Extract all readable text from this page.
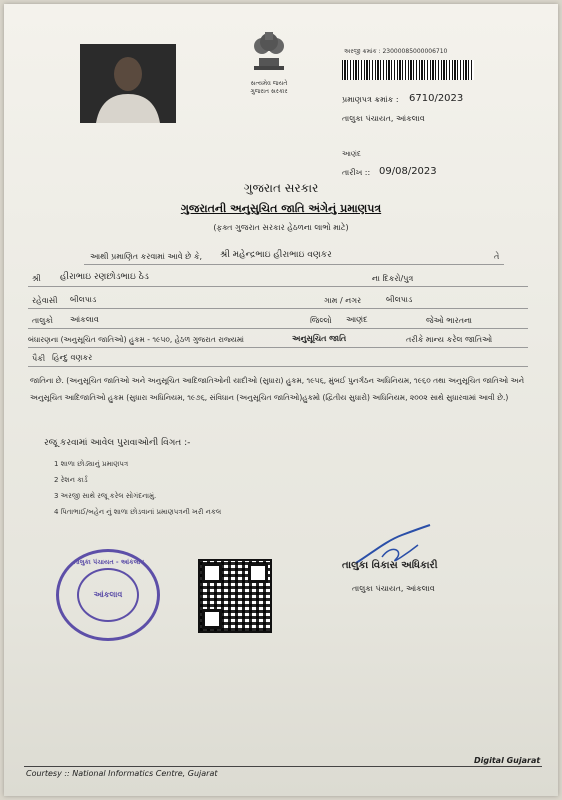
સત્યમેવ જયતે
ગુજરાત સરકાર
અરજી ક્રમાંક : 23000085000006710
પ્રમાણપત્ર ક્રમાંક : 6710/2023
તાલુકા પંચાયત, આંકલાવ
આણંદ
તારીખ :: 09/08/2023
ગુજરાત સરકાર
ગુજરાતની અનુસુચિત જાતિ અંગેનું પ્રમાણપત્ર
(ફક્ત ગુજરાત સરકાર હેઠળના લાભો માટે)
આથી પ્રમાણિત કરવામાં આવે છે કે, શ્રી મહેન્દ્રભાઇ હીરાભાઇ વણકર	તે
શ્રી હીરાભાઇ રણછોડભાઇ ઠેડ	ના દિકરો/પુત્ર
રહેવાસી બીલપાડ	ગામ / નગર	બીલપાડ
તાલુકો આંકલાવ	જિલ્લો આણંદ	જેઓ ભારતના
બંધારણના (અનુસૂચિત જાતિઓ) હુકમ - ૧૯૫૦, હેઠળ ગુજરાત રાજ્યમાં	અનુસૂચિત જાતિ	તરીકે માન્ય કરેલ જાતિઓ
પૈકી હિન્દુ વણકર
જાતિના છે. (અનુસૂચિત જાતિઓ અને અનુસૂચિત આદિજાતિઓની યાદીઓ (સુધારા) હુકમ, ૧૯૫૬, મુંબઈ પુનર્ગઠન અધિનિયમ, ૧૯૬૦ તથા અનુસૂચિત જાતિઓ અને અનુસૂચિત આદિજાતિઓ હુકમ (સુધારા અધિનિયમ, ૧૯૭૬, સંવિધાન (અનુસૂચિત જાતિઓ)હુકમો (દ્વિતીય સુધારો) અધિનિયમ, ૨૦૦૨ સાથે સુધારવામાં આવી છે.)
રજૂ કરવામાં આવેલ પુરાવાઓની વિગત :-
1 શાળા છોડ્યાનું પ્રમાણપત્ર
2 રેશન કાર્ડ
3 અરજી સાથે રજૂ કરેલ સોગંદનામું.
4 પિતાભાઈ/બહેન નું શાળા છોડવાનાં પ્રમાણપત્રની ખરી નકલ
તાલુકા પંચાયત - આંકલાવ
આંકલાવ
તાલુકા વિકાસ અધિકારી
તાલુકા પંચાયત, આંકલાવ
Courtesy :: National Informatics Centre, Gujarat
Digital Gujarat
